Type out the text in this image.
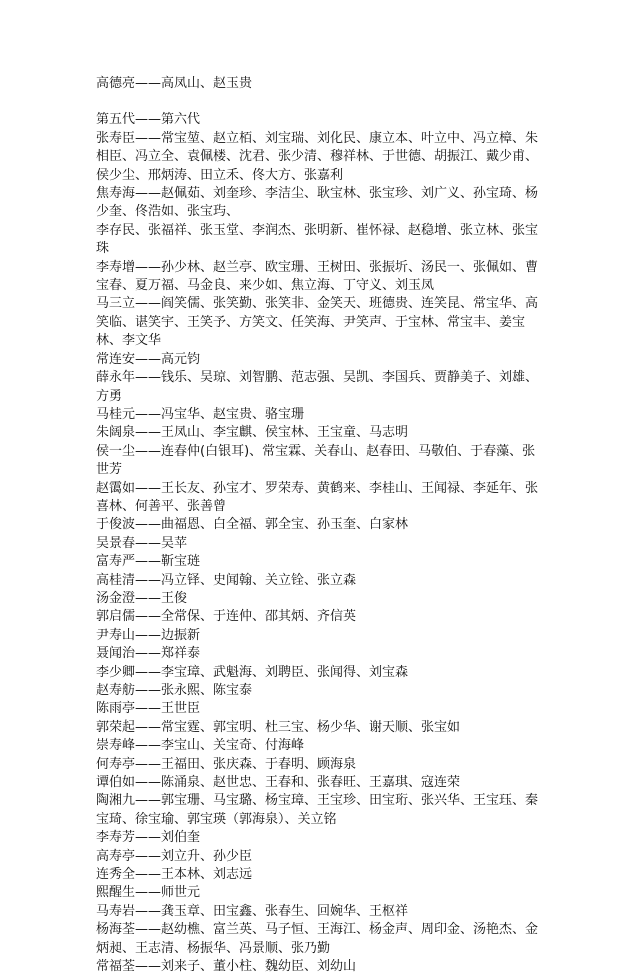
高德亮——高凤山、赵玉贵

第五代——第六代

张寿臣——常宝堃、赵立栢、刘宝瑞、刘化民、康立本、叶立中、冯立樟、朱相臣、冯立全、袁佩楼、沈君、张少清、穆祥林、于世德、胡振江、戴少甫、侯少尘、邢炳涛、田立禾、佟大方、张嘉利

焦寿海——赵佩茹、刘奎珍、李洁尘、耿宝林、张宝珍、刘广义、孙宝琦、杨少奎、佟浩如、张宝玙、

李存民、张福祥、张玉堂、李润杰、张明新、崔怀禄、赵稳增、张立林、张宝珠

李寿增——孙少林、赵兰亭、欧宝珊、王树田、张振圻、汤民一、张佩如、曹宝春、夏万福、马金良、来少如、焦立海、丁守义、刘玉凤

马三立——阎笑儒、张笑勤、张笑非、金笑天、班德贵、连笑昆、常宝华、高笑临、谌笑宇、王笑予、方笑文、任笑海、尹笑声、于宝林、常宝丰、姜宝林、李文华

常连安——高元钧

薛永年——钱乐、吴琼、刘智鹏、范志强、吴凯、李国兵、贾静美子、刘雄、方勇

马桂元——冯宝华、赵宝贵、骆宝珊

朱阔泉——王凤山、李宝麒、侯宝林、王宝童、马志明

侯一尘——连春仲(白银耳)、常宝霖、关春山、赵春田、马敬伯、于春藻、张世芳

赵霭如——王长友、孙宝才、罗荣寿、黄鹤来、李桂山、王闻禄、李延年、张喜林、何善平、张善曾

于俊波——曲福恩、白全福、郭全宝、孙玉奎、白家林

吴景春——吴苹

富寿严——靳宝琏

高桂清——冯立铎、史闻翰、关立铨、张立森

汤金澄——王俊

郭启儒——全常保、于连仲、邵其炳、齐信英

尹寿山——边振新

聂闻治——郑祥泰

李少卿——李宝璋、武魁海、刘聘臣、张闻得、刘宝森

赵寿舫——张永熙、陈宝泰

陈雨亭——王世臣

郭荣起——常宝霆、郭宝明、杜三宝、杨少华、谢天顺、张宝如

崇寿峰——李宝山、关宝奇、付海峰

何寿亭——王福田、张庆森、于春明、顾海泉

谭伯如——陈涌泉、赵世忠、王春和、张春旺、王嘉琪、寇连荣

陶湘九——郭宝珊、马宝璐、杨宝璋、王宝珍、田宝珩、张兴华、王宝珏、秦宝琦、徐宝瑜、郭宝瑛（郭海泉）、关立铭

李寿芳——刘伯奎

高寿亭——刘立升、孙少臣

连秀全——王本林、刘志远

熙醒生——师世元

马寿岩——龚玉章、田宝鑫、张春生、回婉华、王枢祥

杨海荃——赵幼樵、富兰英、马子恒、王海江、杨金声、周印金、汤艳杰、金炳昶、王志清、杨振华、冯景顺、张乃勤

常福荃——刘来子、董小柱、魏幼臣、刘幼山
